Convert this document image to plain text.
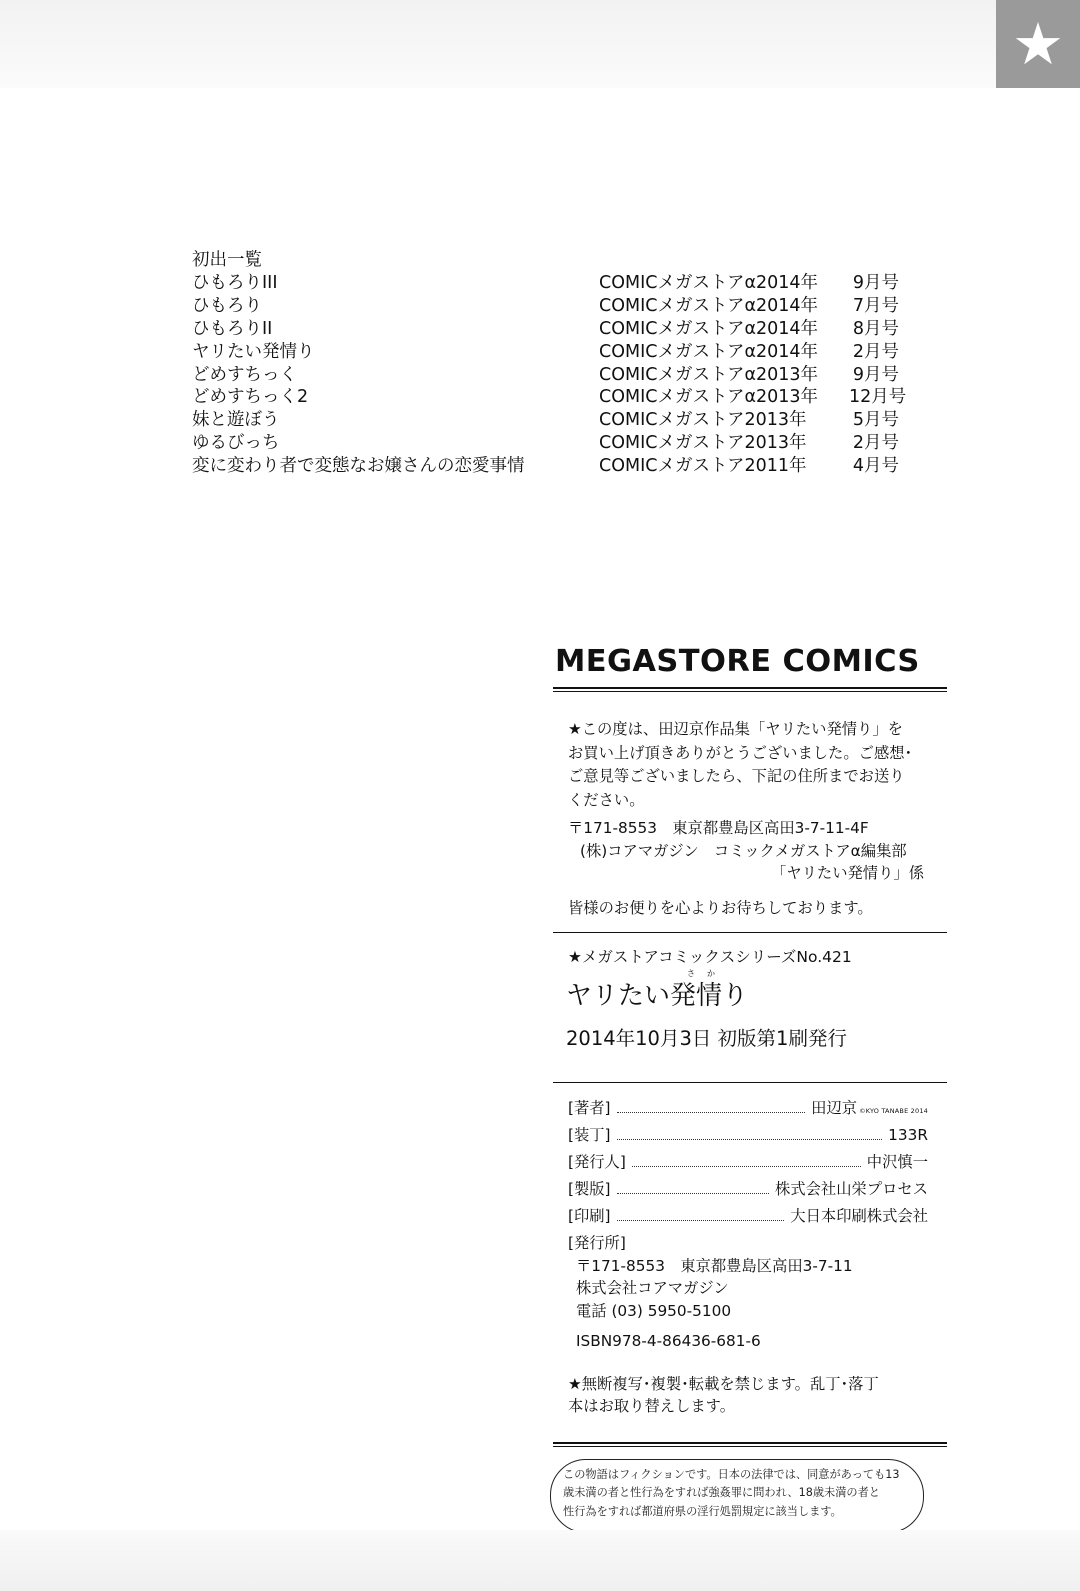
★
初出一覧
ひもろりIII	COMICメガストアα2014年 9月号
ひもろり	COMICメガストアα2014年 7月号
ひもろりII	COMICメガストアα2014年 8月号
ヤリたい発情り	COMICメガストアα2014年 2月号
どめすちっく	COMICメガストアα2013年 9月号
どめすちっく2	COMICメガストアα2013年 12月号
妹と遊ぼう	COMICメガストア2013年	5月号
ゆるびっち	COMICメガストア2013年	2月号
変に変わり者で変態なお嬢さんの恋愛事情	COMICメガストア2011年	4月号
MEGASTORE COMICS
★この度は、田辺京作品集「ヤリたい発情り」を
お買い上げ頂きありがとうございました。ご感想･
ご意見等ございましたら、下記の住所までお送り
ください。
〒171-8553　東京都豊島区高田3-7-11-4F
(株)コアマガジン　コミックメガストアα編集部
「ヤリたい発情り」係
皆様のお便りを心よりお待ちしております。
★メガストアコミックスシリーズNo.421
さか
ヤリたい発情り
2014年10月3日 初版第1刷発行
[著者]	田辺京 ©KYO TANABE 2014
[装丁]	133R
[発行人]	中沢慎一
[製版]	株式会社山栄プロセス
[印刷]	大日本印刷株式会社
[発行所]
〒171-8553　東京都豊島区高田3-7-11
株式会社コアマガジン
電話 (03) 5950-5100
ISBN978-4-86436-681-6
★無断複写･複製･転載を禁じます。乱丁･落丁
本はお取り替えします。
この物語はフィクションです。日本の法律では、同意があっても13
歳未満の者と性行為をすれば強姦罪に問われ、18歳未満の者と
性行為をすれば都道府県の淫行処罰規定に該当します。
